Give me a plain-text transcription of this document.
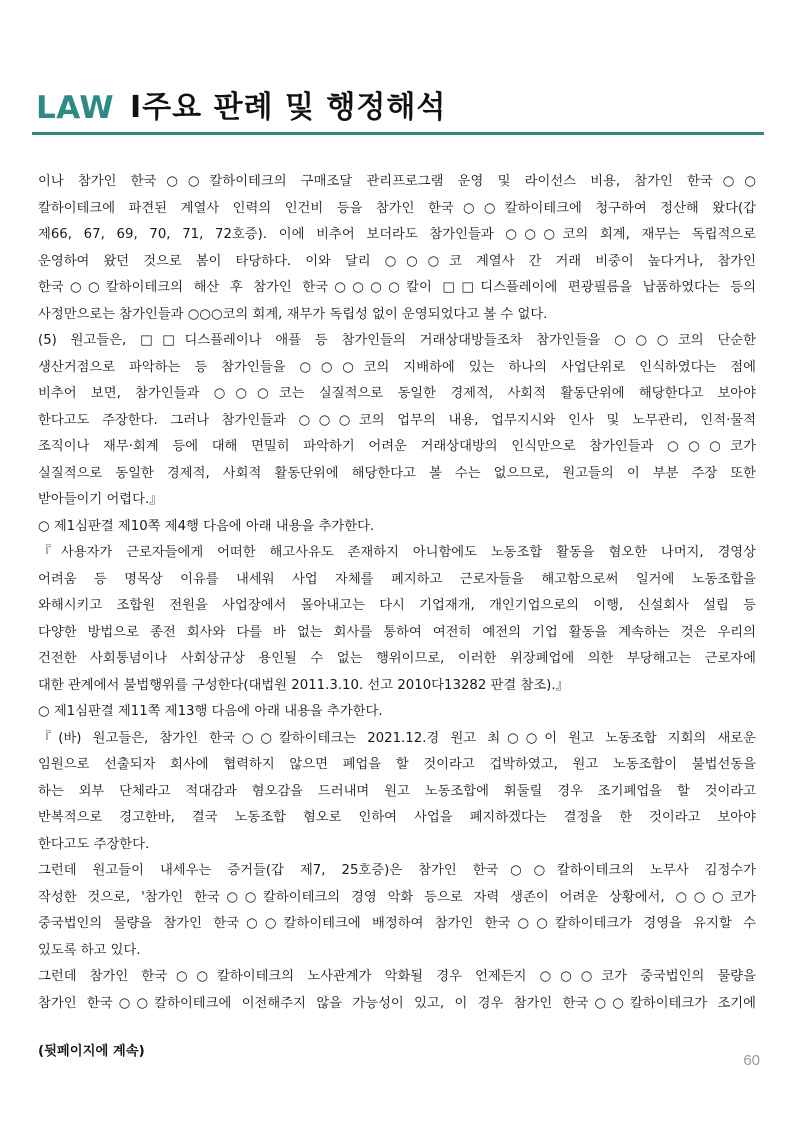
LAW Ⅰ주요 판례 및 행정해석
이나 참가인 한국○○칼하이테크의 구매조달 관리프로그램 운영 및 라이선스 비용, 참가인 한국○○
칼하이테크에 파견된 계열사 인력의 인건비 등을 참가인 한국○○칼하이테크에 청구하여 정산해 왔다(갑
제66, 67, 69, 70, 71, 72호증). 이에 비추어 보더라도 참가인들과 ○○○코의 회계, 재무는 독립적으로
운영하여 왔던 것으로 봄이 타당하다. 이와 달리 ○○○코 계열사 간 거래 비중이 높다거나, 참가인
한국○○칼하이테크의 해산 후 참가인 한국○○○○칼이 □□디스플레이에 편광필름을 납품하였다는 등의
사정만으로는 참가인들과 ○○○코의 회계, 재무가 독립성 없이 운영되었다고 볼 수 없다.
(5) 원고들은, □□디스플레이나 애플 등 참가인들의 거래상대방들조차 참가인들을 ○○○코의 단순한
생산거점으로 파악하는 등 참가인들을 ○○○코의 지배하에 있는 하나의 사업단위로 인식하였다는 점에
비추어 보면, 참가인들과 ○○○코는 실질적으로 동일한 경제적, 사회적 활동단위에 해당한다고 보아야
한다고도 주장한다. 그러나 참가인들과 ○○○코의 업무의 내용, 업무지시와 인사 및 노무관리, 인적·물적
조직이나 재무·회계 등에 대해 면밀히 파악하기 어려운 거래상대방의 인식만으로 참가인들과 ○○○코가
실질적으로 동일한 경제적, 사회적 활동단위에 해당한다고 볼 수는 없으므로, 원고들의 이 부분 주장 또한
받아들이기 어렵다.』
○ 제1심판결 제10쪽 제4행 다음에 아래 내용을 추가한다.
『사용자가 근로자들에게 어떠한 해고사유도 존재하지 아니함에도 노동조합 활동을 혐오한 나머지, 경영상
어려움 등 명목상 이유를 내세워 사업 자체를 폐지하고 근로자들을 해고함으로써 일거에 노동조합을
와해시키고 조합원 전원을 사업장에서 몰아내고는 다시 기업재개, 개인기업으로의 이행, 신설회사 설립 등
다양한 방법으로 종전 회사와 다를 바 없는 회사를 통하여 여전히 예전의 기업 활동을 계속하는 것은 우리의
건전한 사회통념이나 사회상규상 용인될 수 없는 행위이므로, 이러한 위장폐업에 의한 부당해고는 근로자에
대한 관계에서 불법행위를 구성한다(대법원 2011.3.10. 선고 2010다13282 판결 참조).』
○ 제1심판결 제11쪽 제13행 다음에 아래 내용을 추가한다.
『(바) 원고들은, 참가인 한국○○칼하이테크는 2021.12.경 원고 최○○이 원고 노동조합 지회의 새로운
임원으로 선출되자 회사에 협력하지 않으면 폐업을 할 것이라고 겁박하였고, 원고 노동조합이 불법선동을
하는 외부 단체라고 적대감과 혐오감을 드러내며 원고 노동조합에 휘둘릴 경우 조기폐업을 할 것이라고
반복적으로 경고한바, 결국 노동조합 혐오로 인하여 사업을 폐지하겠다는 결정을 한 것이라고 보아야
한다고도 주장한다.
그런데 원고들이 내세우는 증거들(갑 제7, 25호증)은 참가인 한국○○칼하이테크의 노무사 김정수가
작성한 것으로, '참가인 한국○○칼하이테크의 경영 악화 등으로 자력 생존이 어려운 상황에서, ○○○코가
중국법인의 물량을 참가인 한국○○칼하이테크에 배정하여 참가인 한국○○칼하이테크가 경영을 유지할 수
있도록 하고 있다.
그런데 참가인 한국○○칼하이테크의 노사관계가 악화될 경우 언제든지 ○○○코가 중국법인의 물량을
참가인 한국○○칼하이테크에 이전해주지 않을 가능성이 있고, 이 경우 참가인 한국○○칼하이테크가 조기에
(뒷페이지에 계속)
60
